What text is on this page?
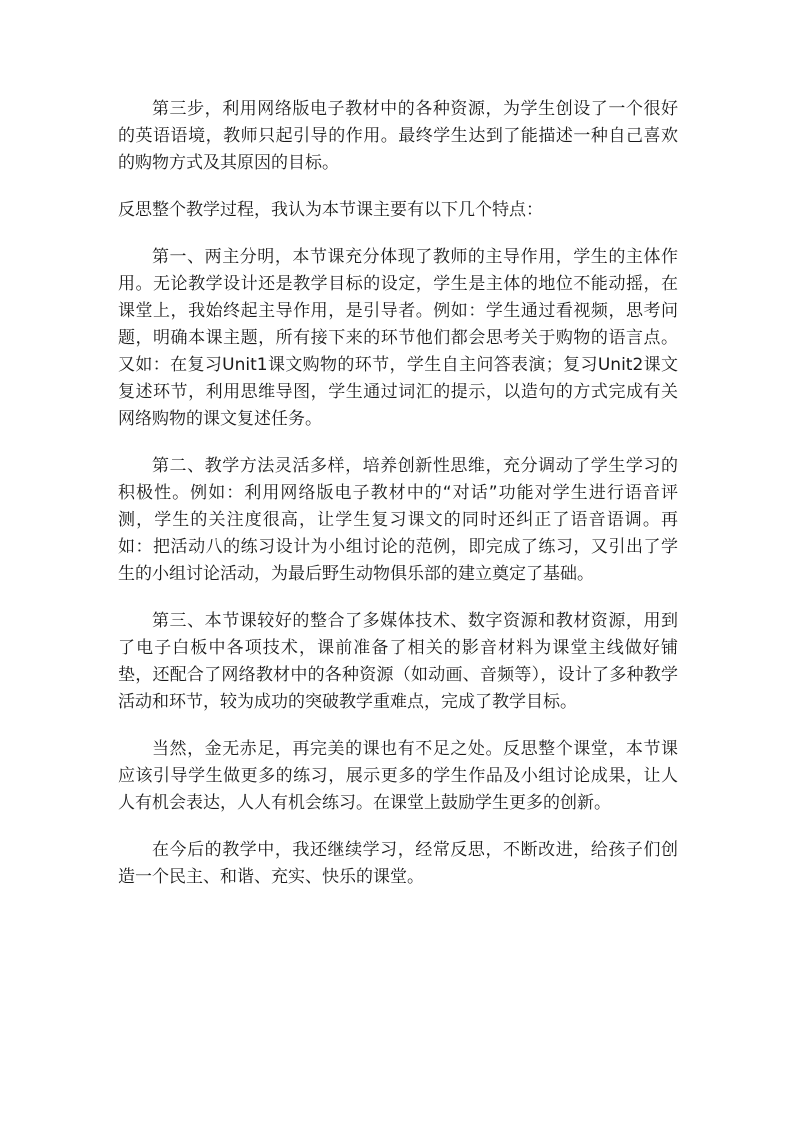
第三步，利用网络版电子教材中的各种资源，为学生创设了一个很好的英语语境，教师只起引导的作用。最终学生达到了能描述一种自己喜欢的购物方式及其原因的目标。

反思整个教学过程，我认为本节课主要有以下几个特点：

第一、两主分明，本节课充分体现了教师的主导作用，学生的主体作用。无论教学设计还是教学目标的设定，学生是主体的地位不能动摇，在课堂上，我始终起主导作用，是引导者。例如：学生通过看视频，思考问题，明确本课主题，所有接下来的环节他们都会思考关于购物的语言点。又如：在复习Unit1课文购物的环节，学生自主问答表演；复习Unit2课文复述环节，利用思维导图，学生通过词汇的提示，以造句的方式完成有关网络购物的课文复述任务。

第二、教学方法灵活多样，培养创新性思维，充分调动了学生学习的积极性。例如：利用网络版电子教材中的“对话”功能对学生进行语音评测，学生的关注度很高，让学生复习课文的同时还纠正了语音语调。再如：把活动八的练习设计为小组讨论的范例，即完成了练习，又引出了学生的小组讨论活动，为最后野生动物俱乐部的建立奠定了基础。

第三、本节课较好的整合了多媒体技术、数字资源和教材资源，用到了电子白板中各项技术，课前准备了相关的影音材料为课堂主线做好铺垫，还配合了网络教材中的各种资源（如动画、音频等），设计了多种教学活动和环节，较为成功的突破教学重难点，完成了教学目标。

当然，金无赤足，再完美的课也有不足之处。反思整个课堂，本节课应该引导学生做更多的练习，展示更多的学生作品及小组讨论成果，让人人有机会表达，人人有机会练习。在课堂上鼓励学生更多的创新。

在今后的教学中，我还继续学习，经常反思，不断改进，给孩子们创造一个民主、和谐、充实、快乐的课堂。
